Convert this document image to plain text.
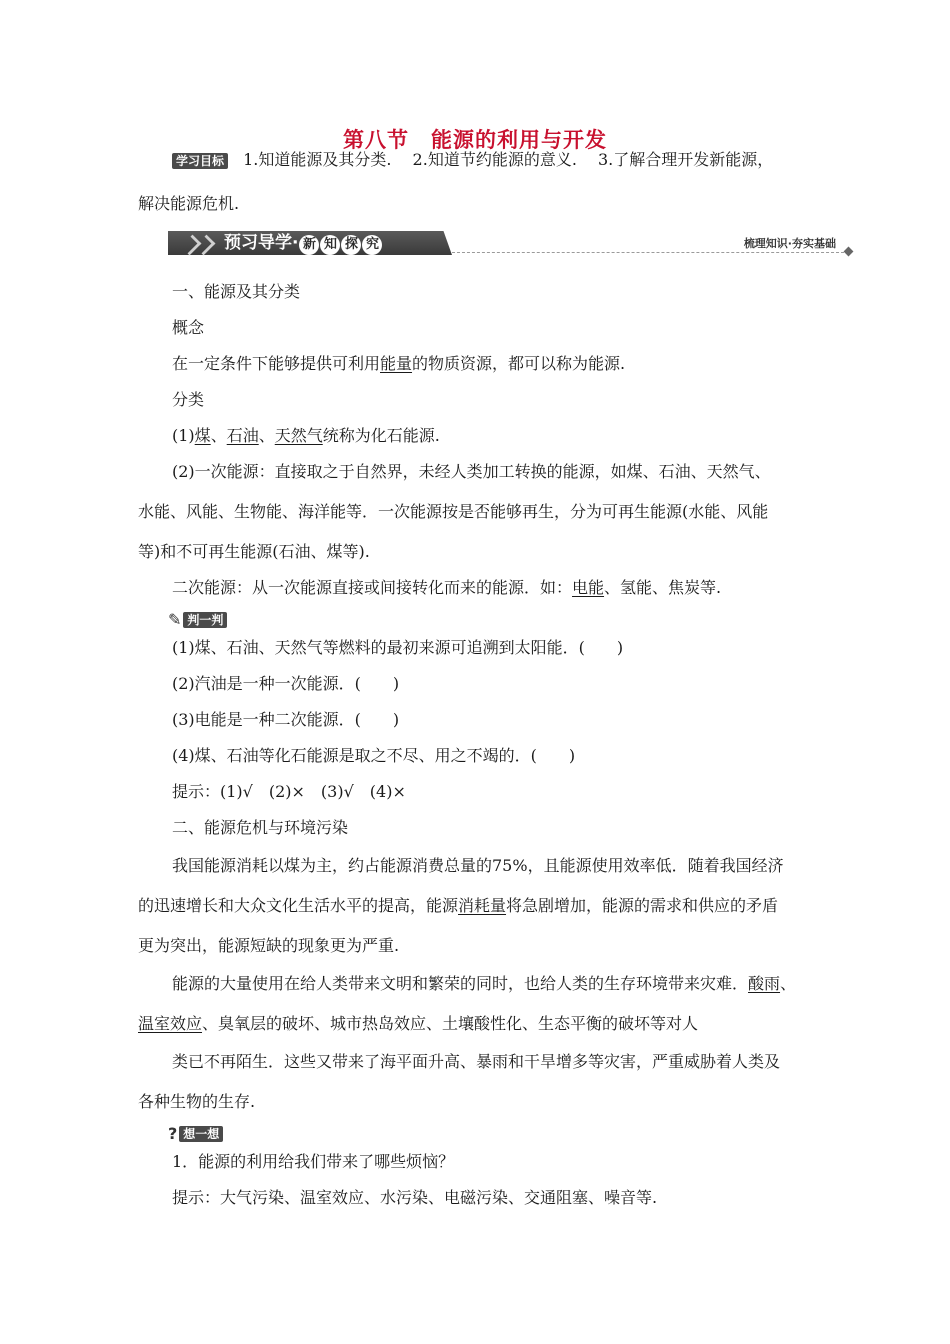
第八节　能源的利用与开发
学习目标 1.知道能源及其分类.　 2.知道节约能源的意义.　 3.了解合理开发新能源，
解决能源危机.
预习导学· 新 知 探 究	梳理知识·夯实基础
一、能源及其分类
概念
在一定条件下能够提供可利用能量的物质资源，都可以称为能源.
分类
(1)煤、石油、天然气统称为化石能源.
(2)一次能源：直接取之于自然界，未经人类加工转换的能源，如煤、石油、天然气、
水能、风能、生物能、海洋能等．一次能源按是否能够再生，分为可再生能源(水能、风能
等)和不可再生能源(石油、煤等).
二次能源：从一次能源直接或间接转化而来的能源．如：电能、氢能、焦炭等.
✎ 判一判
(1)煤、石油、天然气等燃料的最初来源可追溯到太阳能．(　　)
(2)汽油是一种一次能源．(　　)
(3)电能是一种二次能源．(　　)
(4)煤、石油等化石能源是取之不尽、用之不竭的．(　　)
提示：(1)√　(2)×　(3)√　(4)×
二、能源危机与环境污染
我国能源消耗以煤为主，约占能源消费总量的75%，且能源使用效率低．随着我国经济
的迅速增长和大众文化生活水平的提高，能源消耗量将急剧增加，能源的需求和供应的矛盾
更为突出，能源短缺的现象更为严重.
能源的大量使用在给人类带来文明和繁荣的同时，也给人类的生存环境带来灾难．酸雨、
温室效应、臭氧层的破坏、城市热岛效应、土壤酸性化、生态平衡的破坏等对人
类已不再陌生．这些又带来了海平面升高、暴雨和干旱增多等灾害，严重威胁着人类及
各种生物的生存.
? 想一想
1．能源的利用给我们带来了哪些烦恼？
提示：大气污染、温室效应、水污染、电磁污染、交通阻塞、噪音等.
